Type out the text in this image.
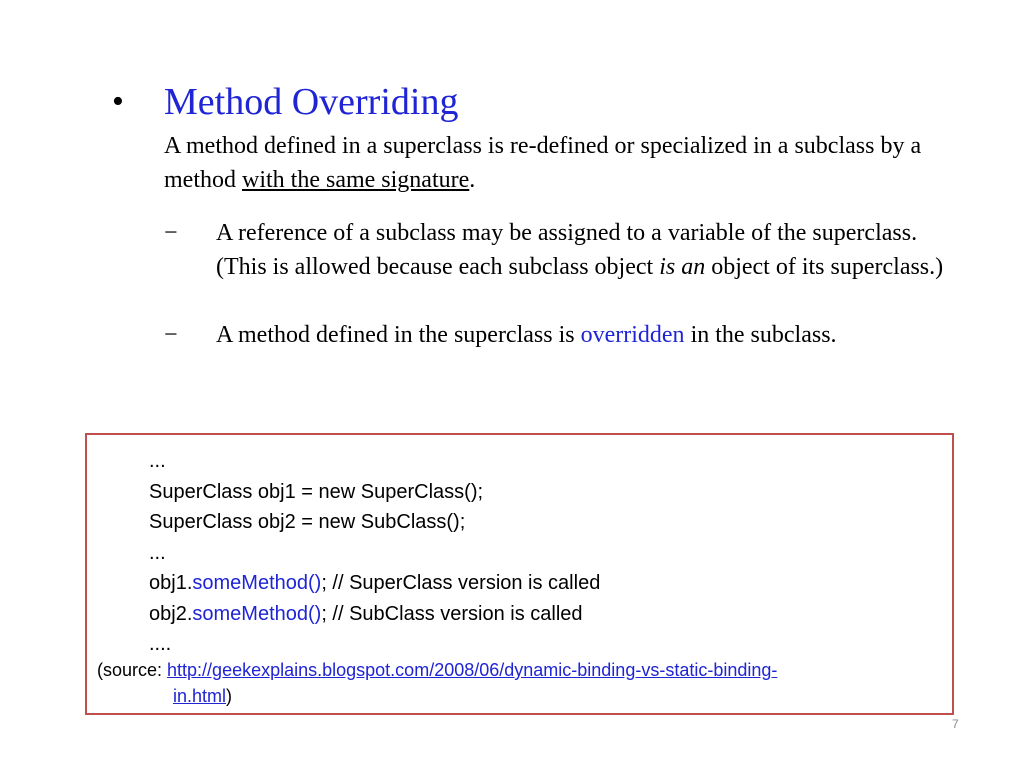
• Method Overriding
A method defined in a superclass is re-defined or specialized in a subclass by a method with the same signature.
− A reference of a subclass may be assigned to a variable of the superclass. (This is allowed because each subclass object is an object of its superclass.)
− A method defined in the superclass is overridden in the subclass.
...
SuperClass obj1 = new SuperClass();
SuperClass obj2 = new SubClass();
...
obj1.someMethod(); // SuperClass version is called
obj2.someMethod(); // SubClass version is called
....
(source: http://geekexplains.blogspot.com/2008/06/dynamic-binding-vs-static-binding-
in.html)
7
